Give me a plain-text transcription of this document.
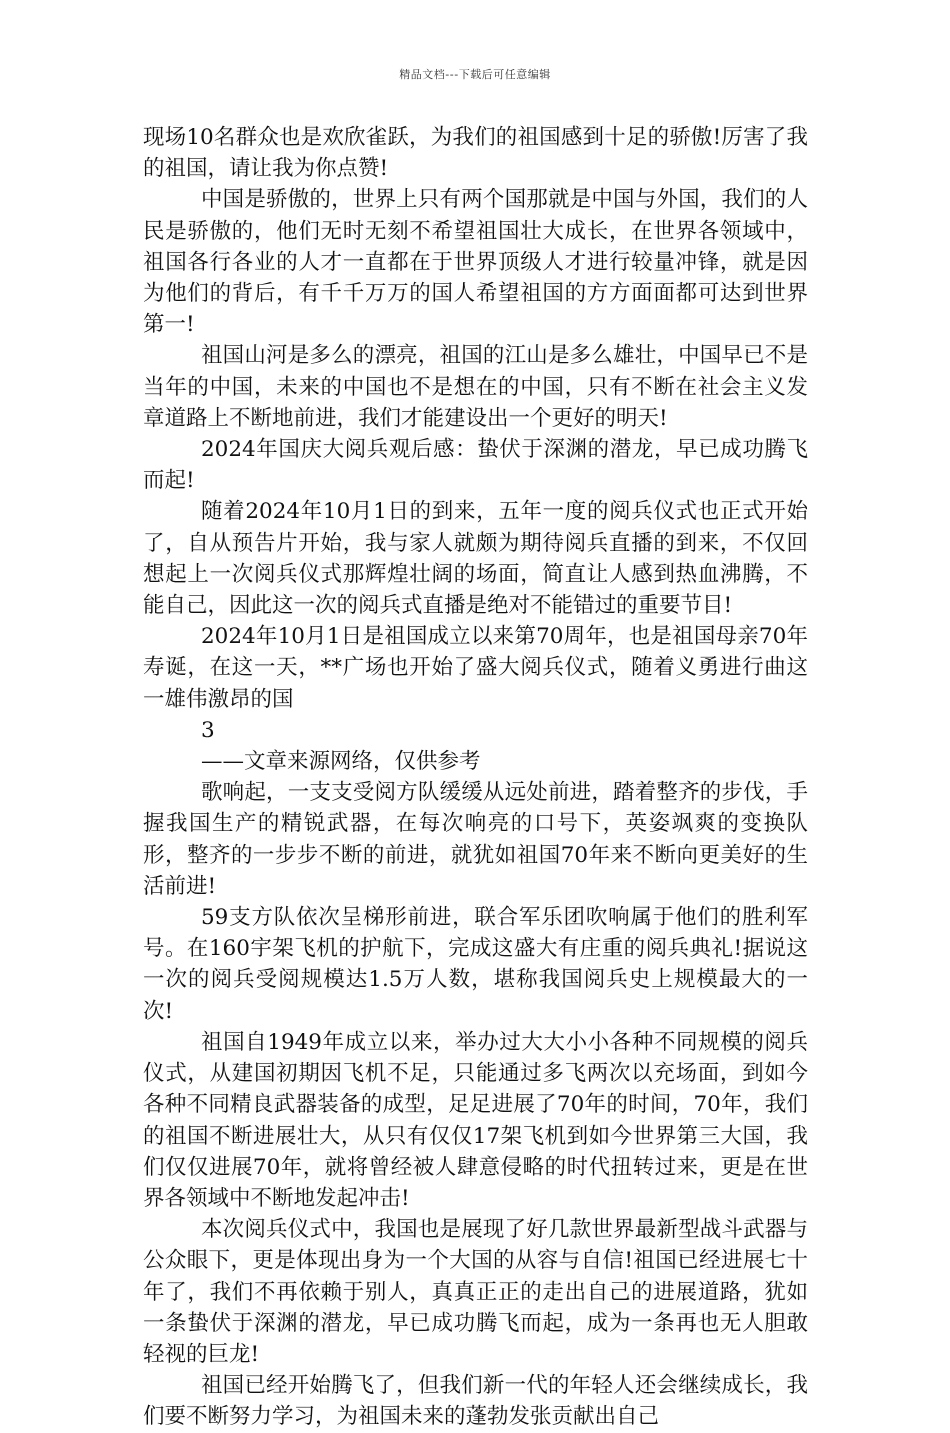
精品文档---下载后可任意编辑

现场10名群众也是欢欣雀跃，为我们的祖国感到十足的骄傲!厉害了我的祖国，请让我为你点赞!

中国是骄傲的，世界上只有两个国那就是中国与外国，我们的人民是骄傲的，他们无时无刻不希望祖国壮大成长，在世界各领域中，祖国各行各业的人才一直都在于世界顶级人才进行较量冲锋，就是因为他们的背后，有千千万万的国人希望祖国的方方面面都可达到世界第一!

祖国山河是多么的漂亮，祖国的江山是多么雄壮，中国早已不是当年的中国，未来的中国也不是想在的中国，只有不断在社会主义发章道路上不断地前进，我们才能建设出一个更好的明天!

2024年国庆大阅兵观后感：蛰伏于深渊的潜龙，早已成功腾飞而起!

随着2024年10月1日的到来，五年一度的阅兵仪式也正式开始了，自从预告片开始，我与家人就颇为期待阅兵直播的到来，不仅回想起上一次阅兵仪式那辉煌壮阔的场面，简直让人感到热血沸腾，不能自己，因此这一次的阅兵式直播是绝对不能错过的重要节目!

2024年10月1日是祖国成立以来第70周年，也是祖国母亲70年寿诞，在这一天，**广场也开始了盛大阅兵仪式，随着义勇进行曲这一雄伟激昂的国

3

——文章来源网络，仅供参考

歌响起，一支支受阅方队缓缓从远处前进，踏着整齐的步伐，手握我国生产的精锐武器，在每次响亮的口号下，英姿飒爽的变换队形，整齐的一步步不断的前进，就犹如祖国70年来不断向更美好的生活前进!

59支方队依次呈梯形前进，联合军乐团吹响属于他们的胜利军号。在160宇架飞机的护航下，完成这盛大有庄重的阅兵典礼!据说这一次的阅兵受阅规模达1.5万人数，堪称我国阅兵史上规模最大的一次!

祖国自1949年成立以来，举办过大大小小各种不同规模的阅兵仪式，从建国初期因飞机不足，只能通过多飞两次以充场面，到如今各种不同精良武器装备的成型，足足进展了70年的时间，70年，我们的祖国不断进展壮大，从只有仅仅17架飞机到如今世界第三大国，我们仅仅进展70年，就将曾经被人肆意侵略的时代扭转过来，更是在世界各领域中不断地发起冲击!

本次阅兵仪式中，我国也是展现了好几款世界最新型战斗武器与公众眼下，更是体现出身为一个大国的从容与自信!祖国已经进展七十年了，我们不再依赖于别人，真真正正的走出自己的进展道路，犹如一条蛰伏于深渊的潜龙，早已成功腾飞而起，成为一条再也无人胆敢轻视的巨龙!

祖国已经开始腾飞了，但我们新一代的年轻人还会继续成长，我们要不断努力学习，为祖国未来的蓬勃发张贡献出自己
